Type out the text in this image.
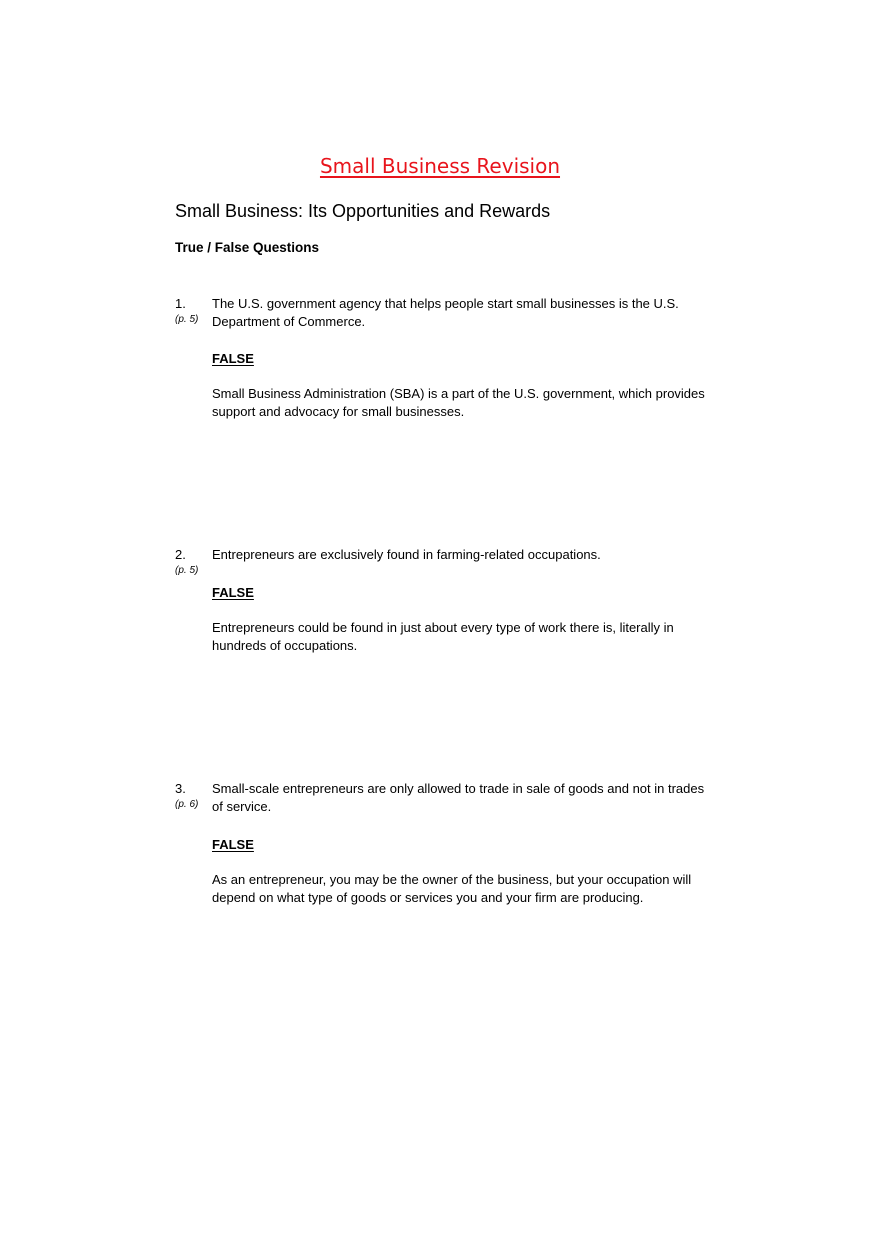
Small Business Revision
Small Business: Its Opportunities and Rewards
True / False Questions
1.
(p. 5)

The U.S. government agency that helps people start small businesses is the U.S. Department of Commerce.

FALSE

Small Business Administration (SBA) is a part of the U.S. government, which provides support and advocacy for small businesses.

2.
(p. 5)

Entrepreneurs are exclusively found in farming-related occupations.

FALSE

Entrepreneurs could be found in just about every type of work there is, literally in hundreds of occupations.

3.
(p. 6)

Small-scale entrepreneurs are only allowed to trade in sale of goods and not in trades of service.

FALSE

As an entrepreneur, you may be the owner of the business, but your occupation will depend on what type of goods or services you and your firm are producing.
